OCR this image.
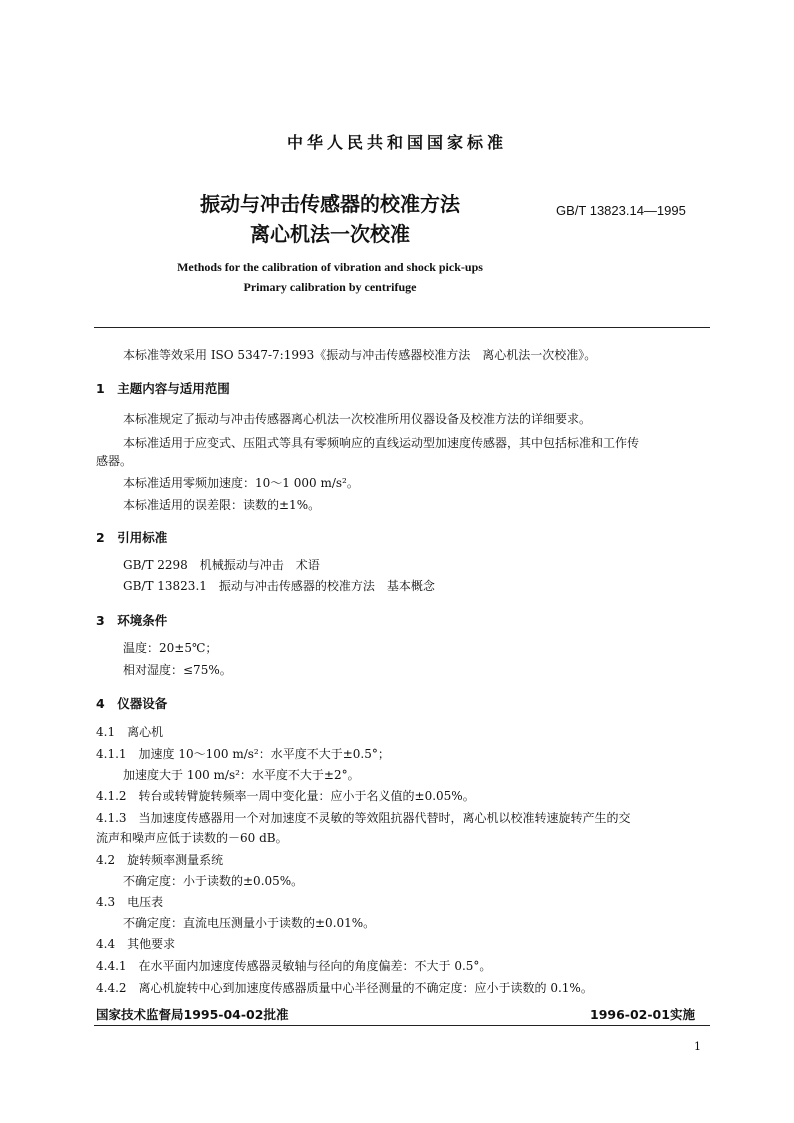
中华人民共和国国家标准
振动与冲击传感器的校准方法
离心机法一次校准
GB/T 13823.14—1995
Methods for the calibration of vibration and shock pick-ups
Primary calibration by centrifuge
本标准等效采用 ISO 5347-7:1993《振动与冲击传感器校准方法　离心机法一次校准》。
1　主题内容与适用范围
本标准规定了振动与冲击传感器离心机法一次校准所用仪器设备及校准方法的详细要求。
本标准适用于应变式、压阻式等具有零频响应的直线运动型加速度传感器，其中包括标准和工作传
感器。
本标准适用零频加速度：10～1 000 m/s²。
本标准适用的误差限：读数的±1%。
2　引用标准
GB/T 2298　机械振动与冲击　术语
GB/T 13823.1　振动与冲击传感器的校准方法　基本概念
3　环境条件
温度：20±5℃；
相对湿度：≤75%。
4　仪器设备
4.1　离心机
4.1.1　加速度 10～100 m/s²：水平度不大于±0.5°；
加速度大于 100 m/s²：水平度不大于±2°。
4.1.2　转台或转臂旋转频率一周中变化量：应小于名义值的±0.05%。
4.1.3　当加速度传感器用一个对加速度不灵敏的等效阻抗器代替时，离心机以校准转速旋转产生的交
流声和噪声应低于读数的－60 dB。
4.2　旋转频率测量系统
不确定度：小于读数的±0.05%。
4.3　电压表
不确定度：直流电压测量小于读数的±0.01%。
4.4　其他要求
4.4.1　在水平面内加速度传感器灵敏轴与径向的角度偏差：不大于 0.5°。
4.4.2　离心机旋转中心到加速度传感器质量中心半径测量的不确定度：应小于读数的 0.1%。
国家技术监督局1995-04-02批准	1996-02-01实施
1
